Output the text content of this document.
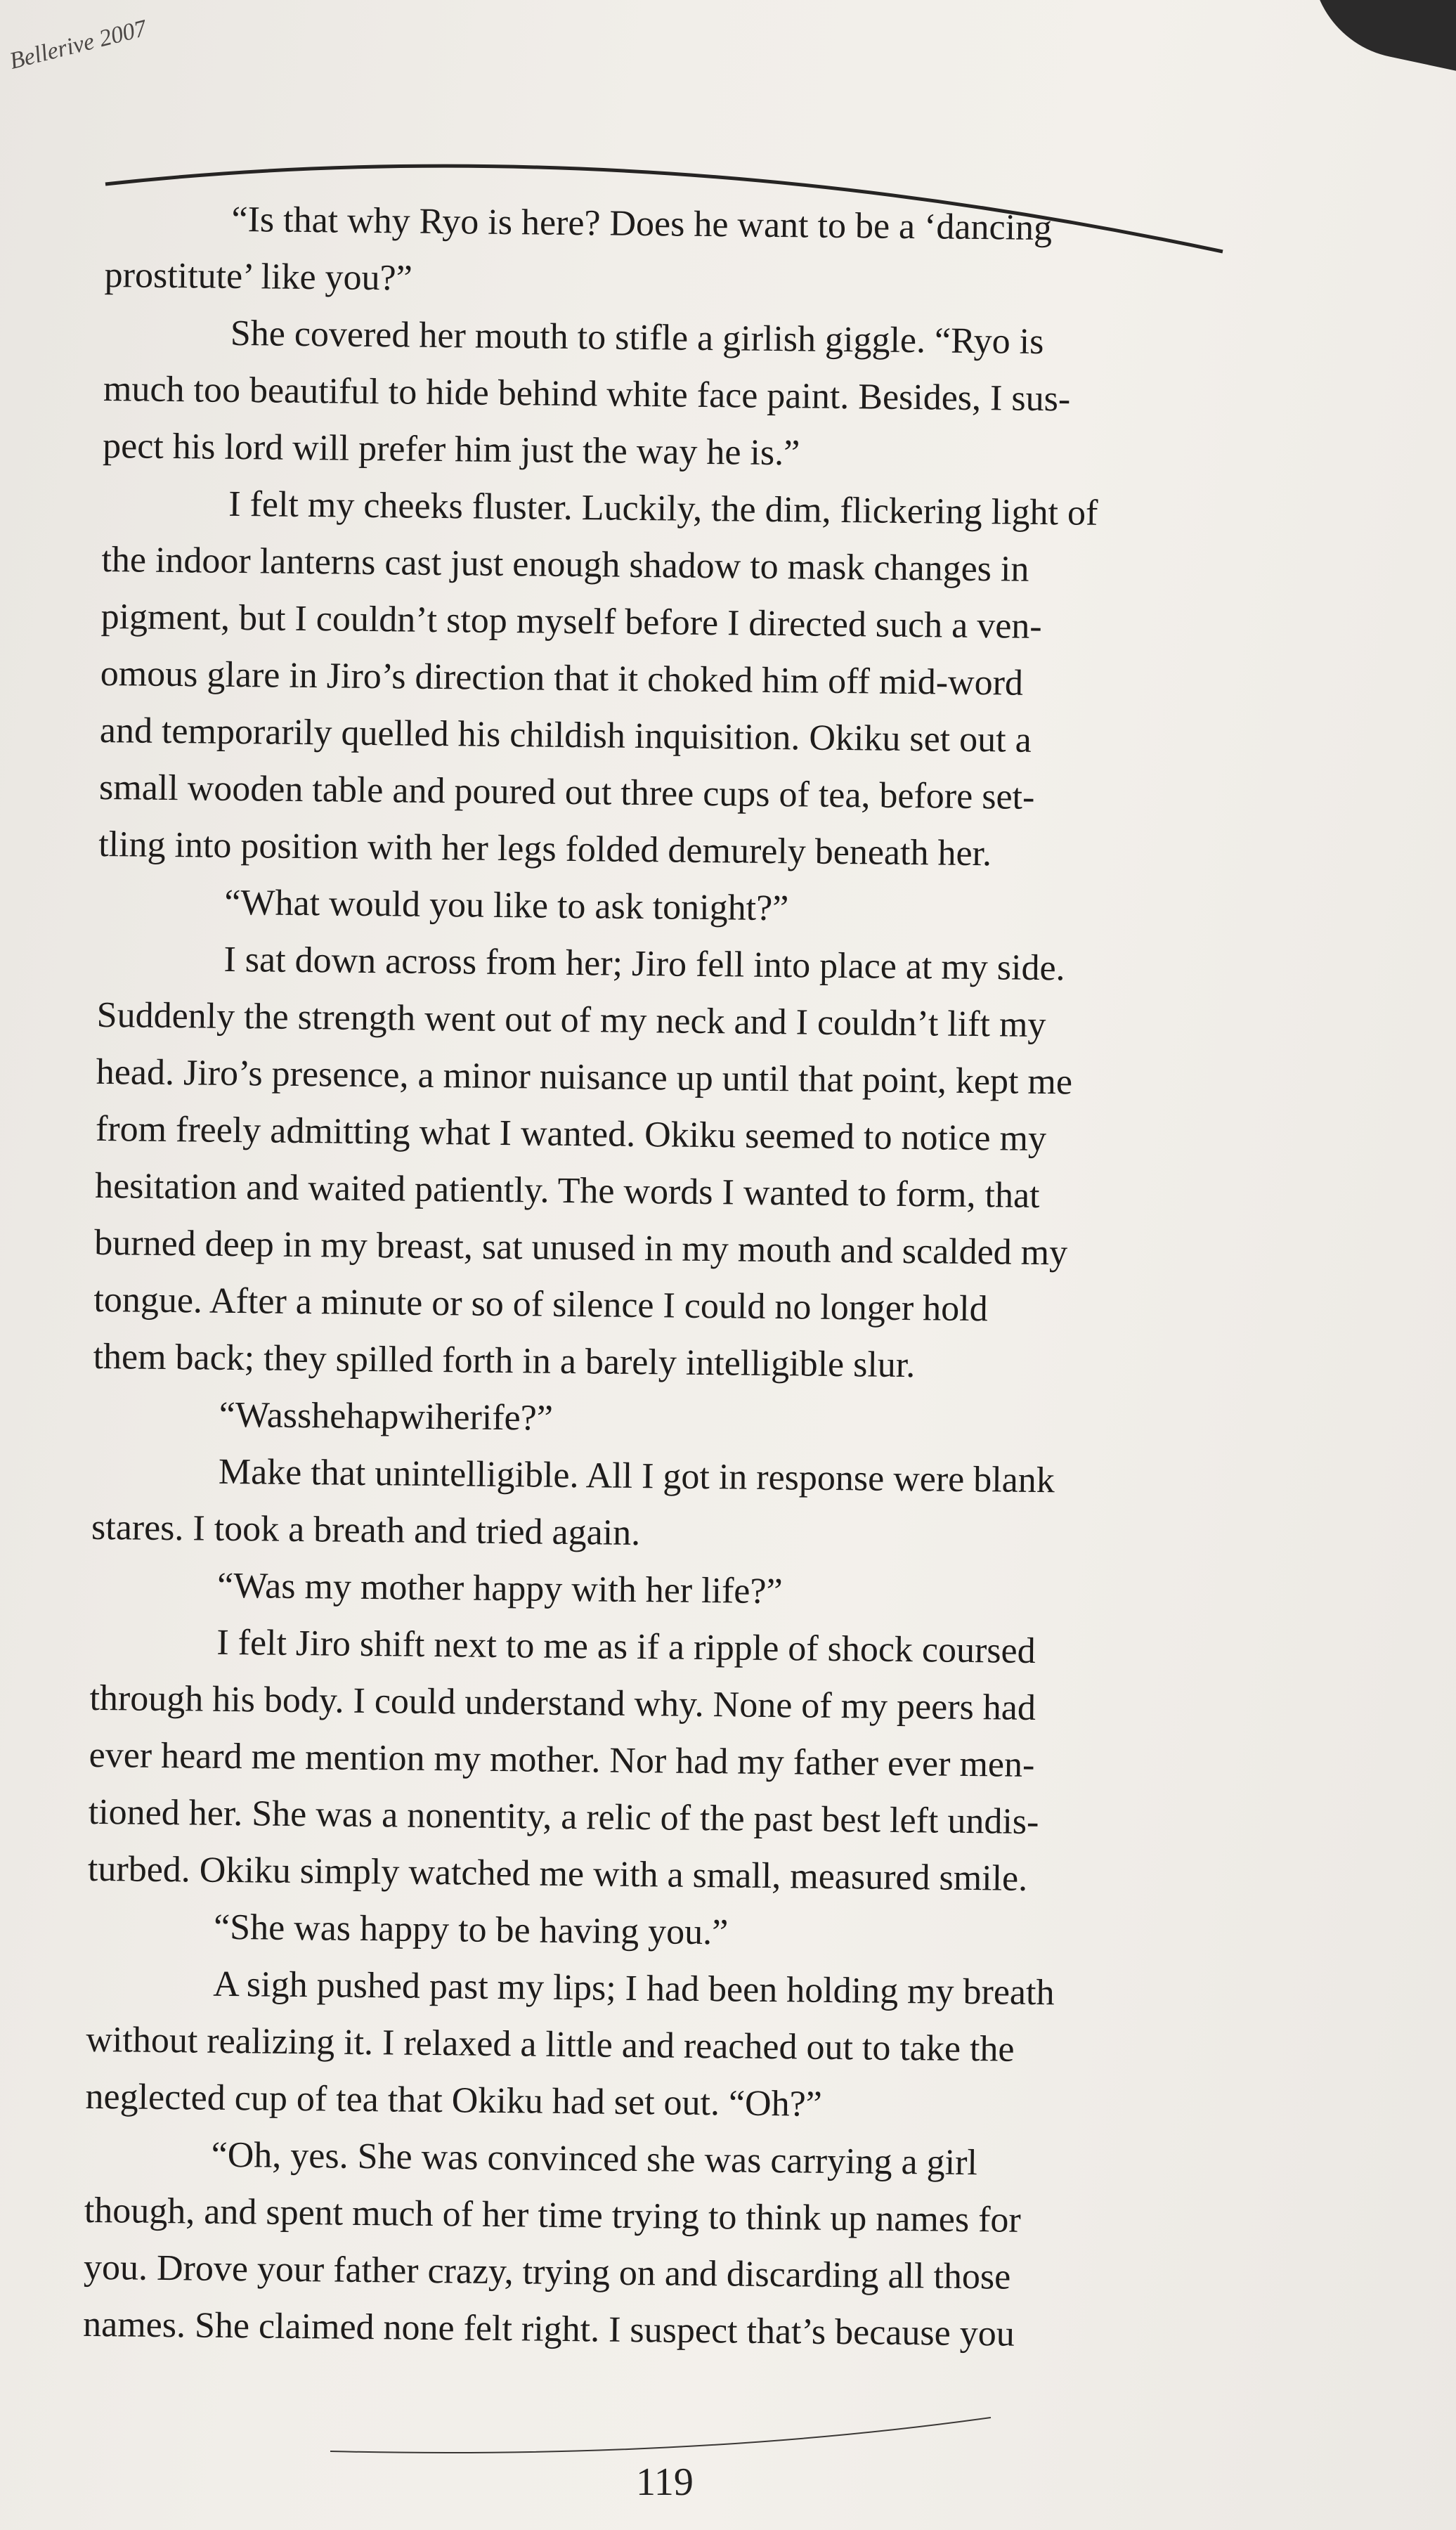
Bellerive 2007
“Is that why Ryo is here? Does he want to be a ‘dancing
prostitute’ like you?”
She covered her mouth to stifle a girlish giggle. “Ryo is
much too beautiful to hide behind white face paint. Besides, I sus-
pect his lord will prefer him just the way he is.”
I felt my cheeks fluster. Luckily, the dim, flickering light of
the indoor lanterns cast just enough shadow to mask changes in
pigment, but I couldn’t stop myself before I directed such a ven-
omous glare in Jiro’s direction that it choked him off mid-word
and temporarily quelled his childish inquisition. Okiku set out a
small wooden table and poured out three cups of tea, before set-
tling into position with her legs folded demurely beneath her.
“What would you like to ask tonight?”
I sat down across from her; Jiro fell into place at my side.
Suddenly the strength went out of my neck and I couldn’t lift my
head. Jiro’s presence, a minor nuisance up until that point, kept me
from freely admitting what I wanted. Okiku seemed to notice my
hesitation and waited patiently. The words I wanted to form, that
burned deep in my breast, sat unused in my mouth and scalded my
tongue. After a minute or so of silence I could no longer hold
them back; they spilled forth in a barely intelligible slur.
“Wasshehapwiherife?”
Make that unintelligible. All I got in response were blank
stares. I took a breath and tried again.
“Was my mother happy with her life?”
I felt Jiro shift next to me as if a ripple of shock coursed
through his body. I could understand why. None of my peers had
ever heard me mention my mother. Nor had my father ever men-
tioned her. She was a nonentity, a relic of the past best left undis-
turbed. Okiku simply watched me with a small, measured smile.
“She was happy to be having you.”
A sigh pushed past my lips; I had been holding my breath
without realizing it. I relaxed a little and reached out to take the
neglected cup of tea that Okiku had set out. “Oh?”
“Oh, yes. She was convinced she was carrying a girl
though, and spent much of her time trying to think up names for
you. Drove your father crazy, trying on and discarding all those
names. She claimed none felt right. I suspect that’s because you
119
